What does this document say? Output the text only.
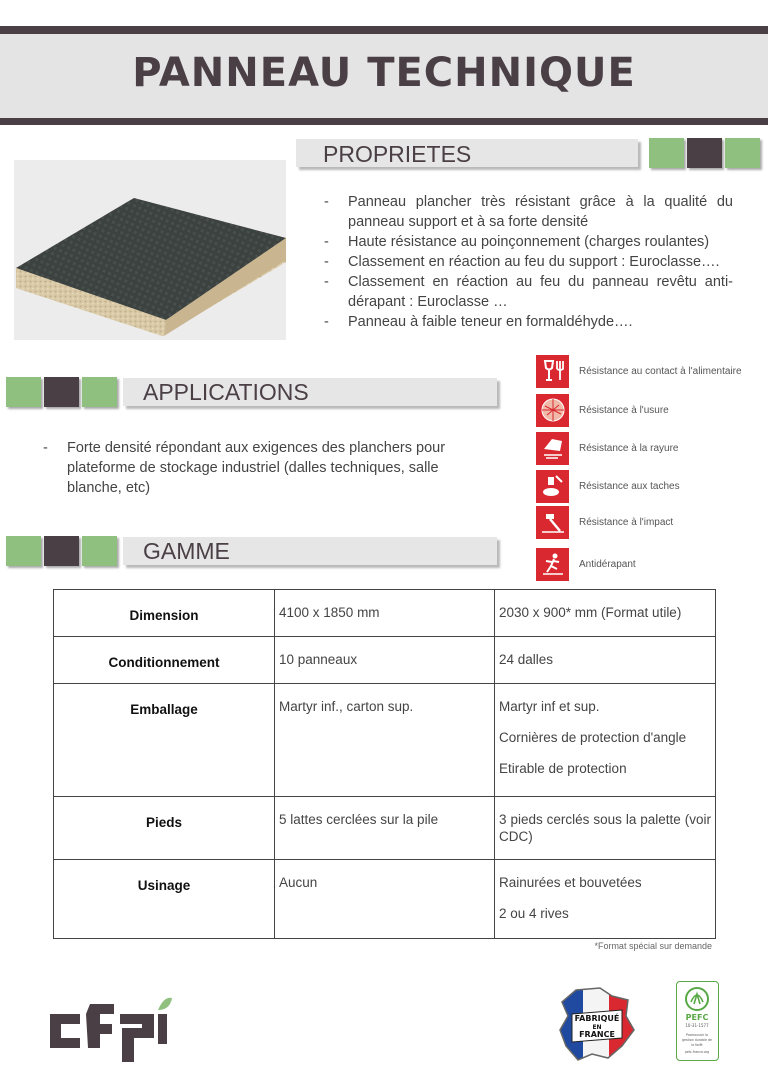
PANNEAU TECHNIQUE
PROPRIETES
- Panneau plancher très résistant grâce à la qualité du panneau support et à sa forte densité
- Haute résistance au poinçonnement (charges roulantes)
- Classement en réaction au feu du support : Euroclasse….
- Classement en réaction au feu du panneau revêtu anti-dérapant : Euroclasse …
- Panneau à faible teneur en formaldéhyde….
APPLICATIONS
- Forte densité répondant aux exigences des planchers pour plateforme de stockage industriel (dalles techniques, salle blanche, etc)
GAMME
Résistance au contact à l'alimentaire
Résistance à l'usure
Résistance à la rayure
Résistance aux taches
Résistance à l'impact
Antidérapant
Dimension	4100 x 1850 mm	2030 x 900* mm (Format utile)

Conditionnement	10 panneaux	24 dalles

Emballage	Martyr inf., carton sup.	Martyr inf et sup.

Cornières de protection d'angle

Etirable de protection

Pieds	5 lattes cerclées sur la pile	3 pieds cerclés sous la palette (voir CDC)

Usinage	Aucun	Rainurées et bouvetées

2 ou 4 rives

*Format spécial sur demande
FABRIQUÉ
EN
FRANCE
PEFC
10-31-1577
Promouvoir la
gestion durable de
la forêt
pefc-france.org
